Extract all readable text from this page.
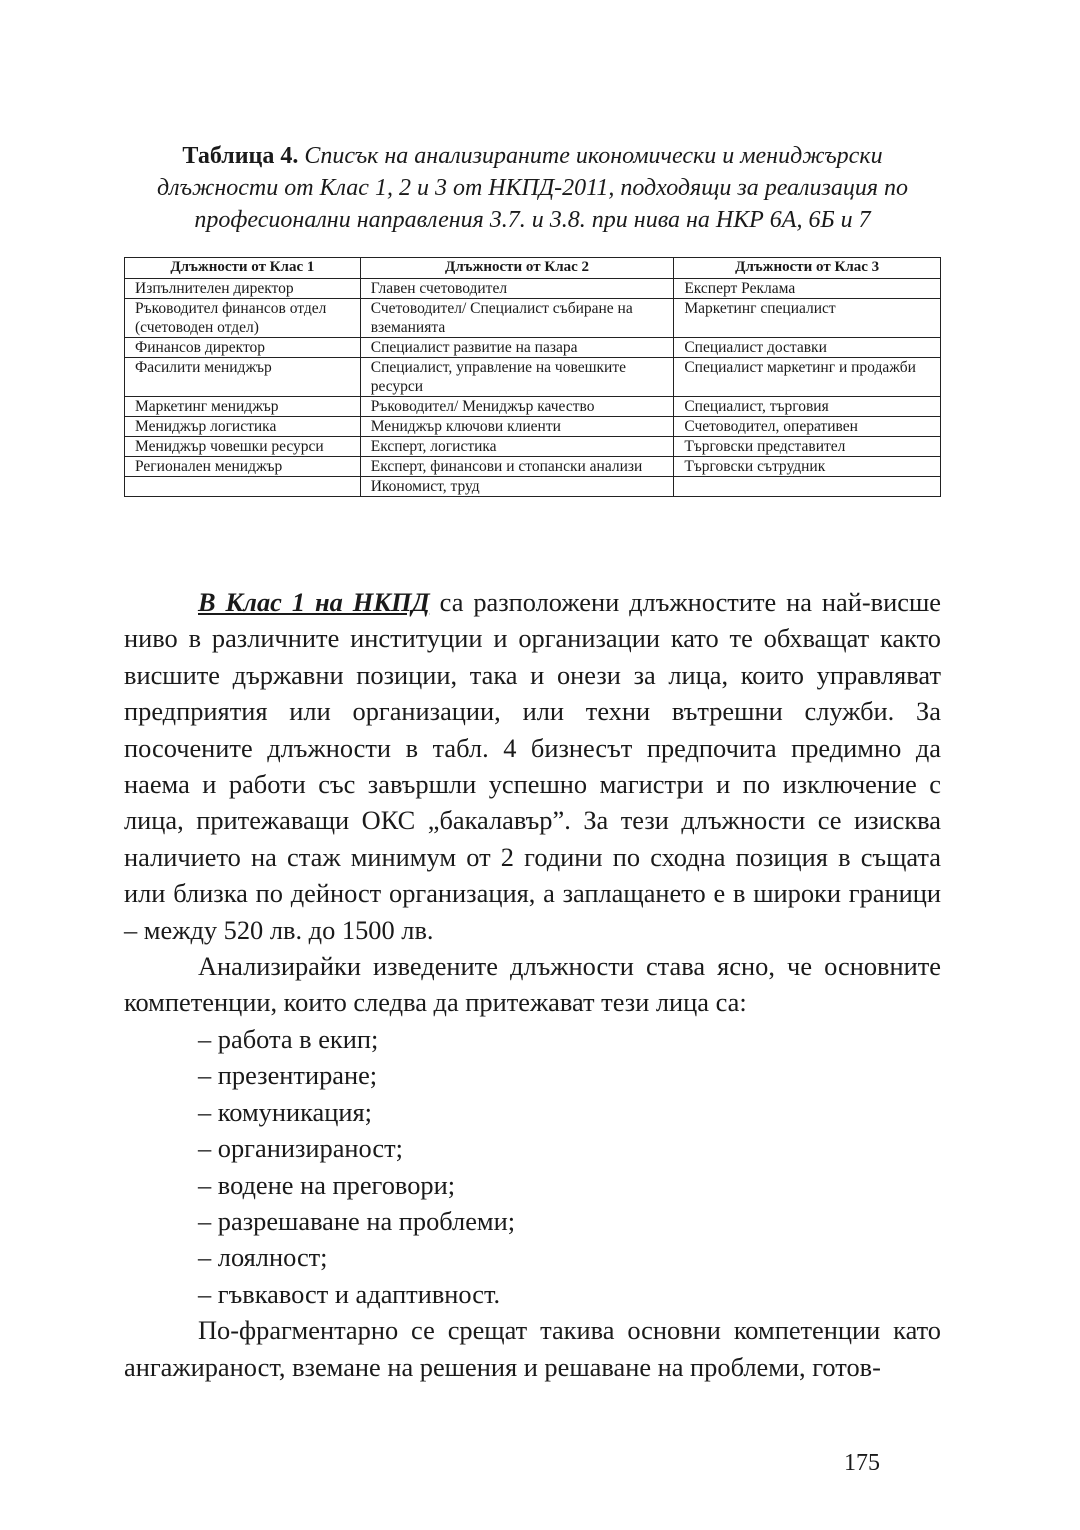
Таблица 4. Списък на анализираните икономически и мениджърски длъжности от Клас 1, 2 и 3 от НКПД-2011, подходящи за реализация по професионални направления 3.7. и 3.8. при нива на НКР 6А, 6Б и 7
Длъжности от Клас 1	Длъжности от Клас 2	Длъжности от Клас 3
Изпълнителен директор	Главен счетоводител	Експерт Реклама
Ръководител финансов отдел (счетоводен отдел)	Счетоводител/ Специалист събиране на вземанията	Маркетинг специалист
Финансов директор	Специалист развитие на пазара	Специалист доставки
Фасилити мениджър	Специалист, управление на човешките ресурси	Специалист маркетинг и продажби
Маркетинг мениджър	Ръководител/ Мениджър качество	Специалист, търговия
Мениджър логистика	Мениджър ключови клиенти	Счетоводител, оперативен
Мениджър човешки ресурси	Експерт, логистика	Търговски представител
Регионален мениджър	Експерт, финансови и стопански анализи	Търговски сътрудник
	Икономист, труд	

В Клас 1 на НКПД са разположени длъжностите на най-висше ниво в различните институции и организации като те обхващат както висшите държавни позиции, така и онези за лица, които управляват предприятия или организации, или техни вътрешни служби. За посочените длъжности в табл. 4 бизнесът предпочита предимно да наема и работи със завършли успешно магистри и по изключение с лица, притежаващи ОКС „бакалавър”. За тези длъжности се изисква наличието на стаж минимум от 2 години по сходна позиция в същата или близка по дейност организация, а заплащането е в широки граници – между 520 лв. до 1500 лв.

Анализирайки изведените длъжности става ясно, че основните компетенции, които следва да притежават тези лица са:

– работа в екип;
– презентиране;
– комуникация;
– организираност;
– водене на преговори;
– разрешаване на проблеми;
– лоялност;
– гъвкавост и адаптивност.

По-фрагментарно се срещат такива основни компетенции като ангажираност, вземане на решения и решаване на проблеми, готов-

175
